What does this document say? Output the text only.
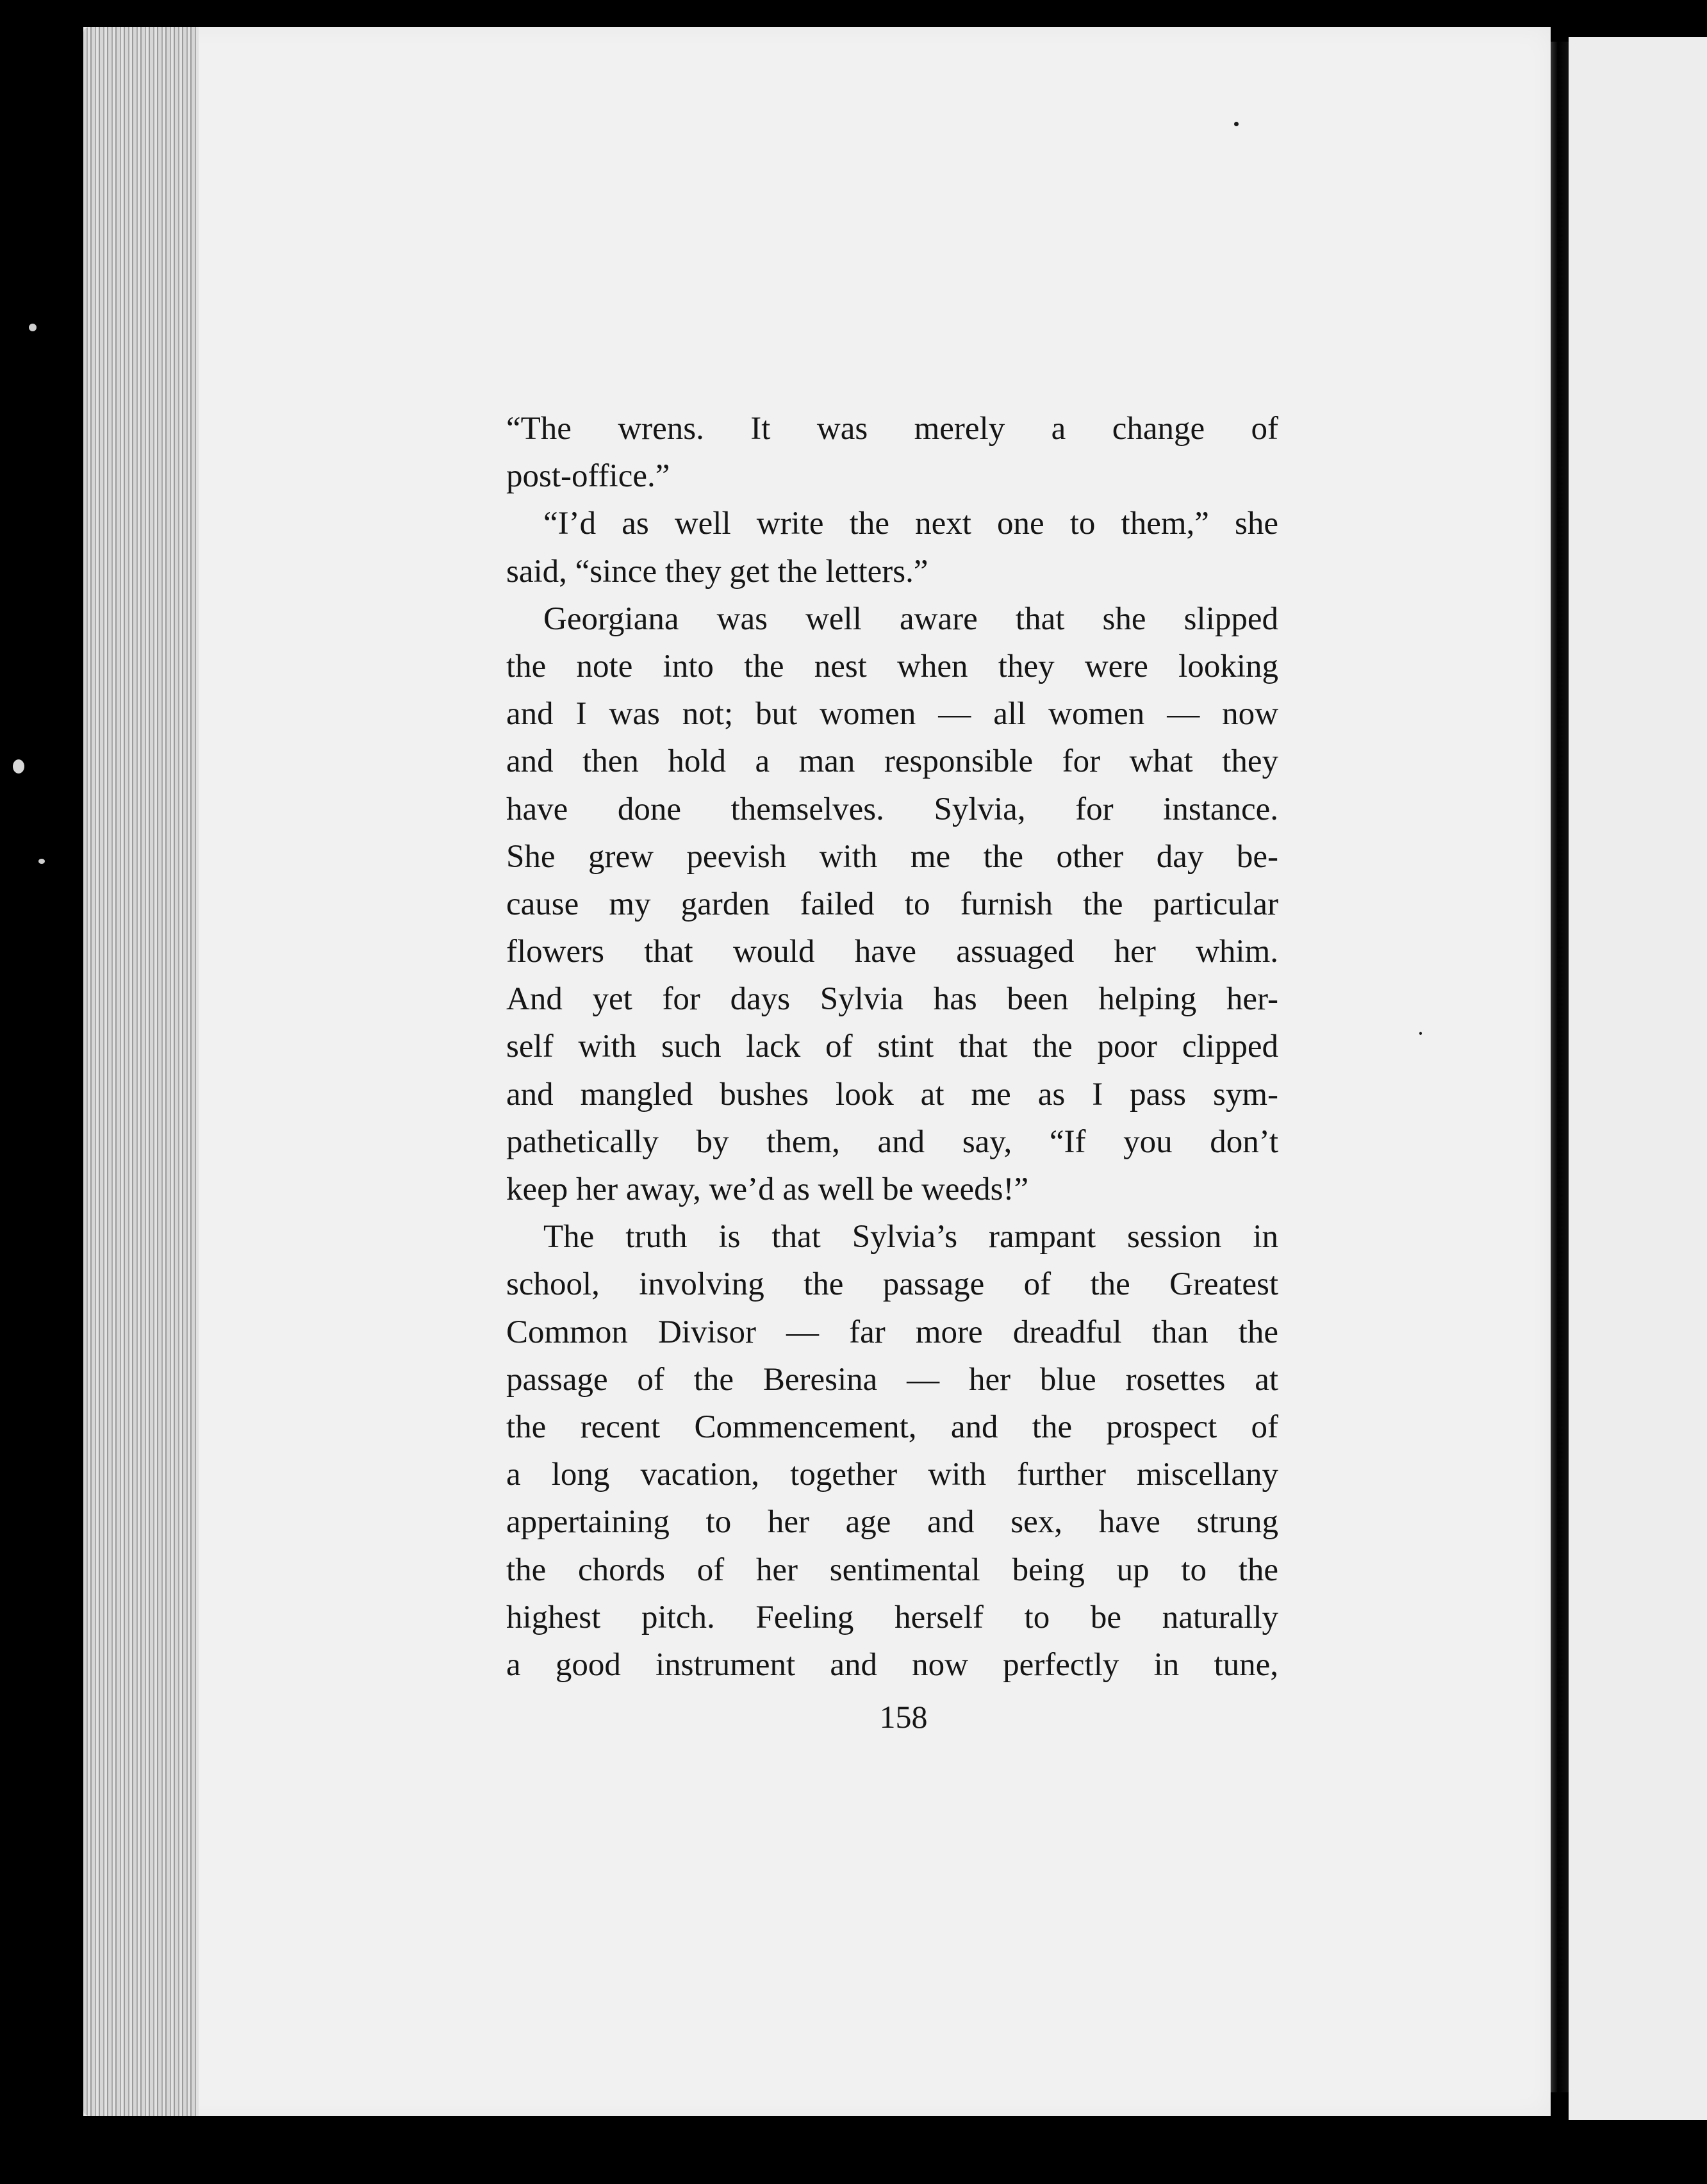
“The wrens. It was merely a change of
post-office.”
“I’d as well write the next one to them,” she
said, “since they get the letters.”
Georgiana was well aware that she slipped
the note into the nest when they were looking
and I was not; but women — all women — now
and then hold a man responsible for what they
have done themselves. Sylvia, for instance.
She grew peevish with me the other day be-
cause my garden failed to furnish the particular
flowers that would have assuaged her whim.
And yet for days Sylvia has been helping her-
self with such lack of stint that the poor clipped
and mangled bushes look at me as I pass sym-
pathetically by them, and say, “If you don’t
keep her away, we’d as well be weeds!”
The truth is that Sylvia’s rampant session in
school, involving the passage of the Greatest
Common Divisor — far more dreadful than the
passage of the Beresina — her blue rosettes at
the recent Commencement, and the prospect of
a long vacation, together with further miscellany
appertaining to her age and sex, have strung
the chords of her sentimental being up to the
highest pitch. Feeling herself to be naturally
a good instrument and now perfectly in tune,
158
